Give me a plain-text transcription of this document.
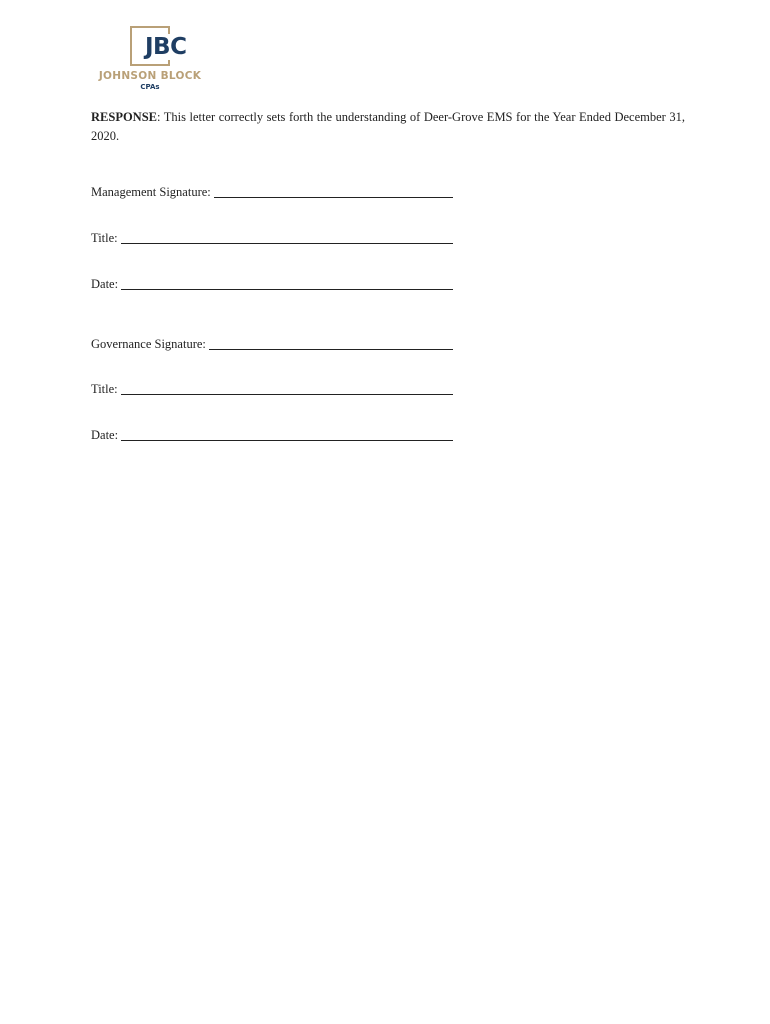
JBC
JOHNSON BLOCK
CPAs
RESPONSE: This letter correctly sets forth the understanding of Deer-Grove EMS for the Year Ended December 31, 2020.
Management Signature:
Title:
Date:
Governance Signature:
Title:
Date:
